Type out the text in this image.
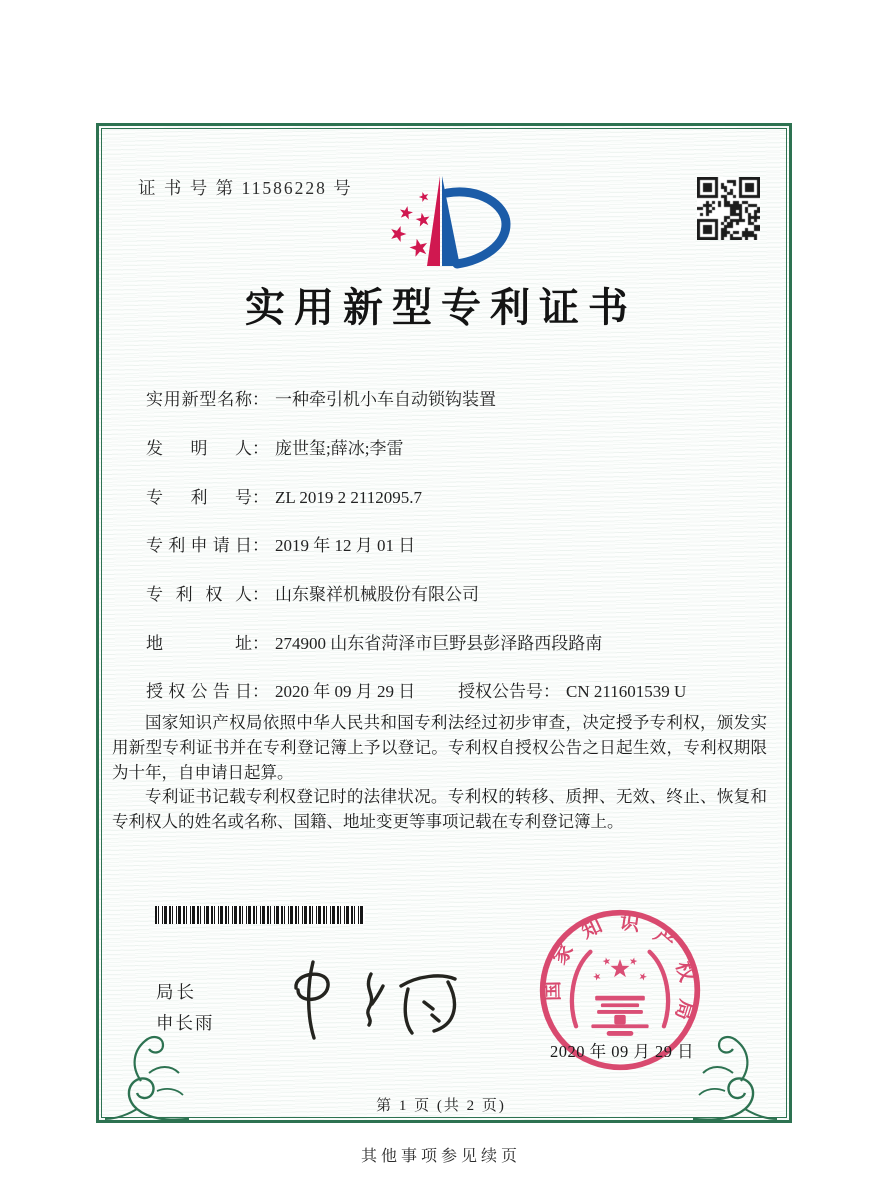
证 书 号 第 11586228 号
实用新型专利证书
实用新型名称： 一种牵引机小车自动锁钩装置
发明人： 庞世玺;薛冰;李雷
专利号： ZL 2019 2 2112095.7
专利申请日： 2019 年 12 月 01 日
专利权人： 山东聚祥机械股份有限公司
地址： 274900 山东省菏泽市巨野县彭泽路西段路南
授权公告日： 2020 年 09 月 29 日	授权公告号： CN 211601539 U

国家知识产权局依照中华人民共和国专利法经过初步审查，决定授予专利权，颁发实用新型专利证书并在专利登记簿上予以登记。专利权自授权公告之日起生效，专利权期限为十年，自申请日起算。

专利证书记载专利权登记时的法律状况。专利权的转移、质押、无效、终止、恢复和专利权人的姓名或名称、国籍、地址变更等事项记载在专利登记簿上。

局长
申长雨
国家知识产权局
2020 年 09 月 29 日
第 1 页 (共 2 页)
其他事项参见续页
